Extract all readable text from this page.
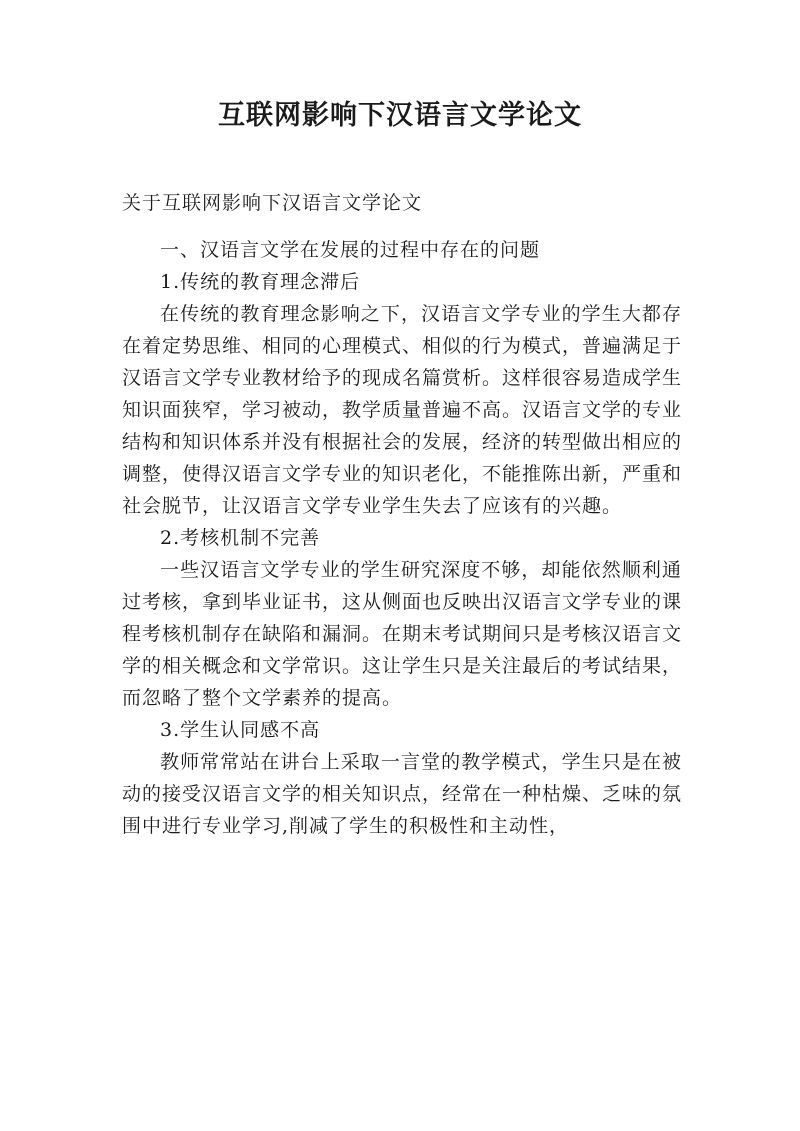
互联网影响下汉语言文学论文

关于互联网影响下汉语言文学论文

一、汉语言文学在发展的过程中存在的问题

1.传统的教育理念滞后

在传统的教育理念影响之下，汉语言文学专业的学生大都存在着定势思维、相同的心理模式、相似的行为模式，普遍满足于汉语言文学专业教材给予的现成名篇赏析。这样很容易造成学生知识面狭窄，学习被动，教学质量普遍不高。汉语言文学的专业结构和知识体系并没有根据社会的发展，经济的转型做出相应的调整，使得汉语言文学专业的知识老化，不能推陈出新，严重和社会脱节，让汉语言文学专业学生失去了应该有的兴趣。

2.考核机制不完善

一些汉语言文学专业的学生研究深度不够，却能依然顺利通过考核，拿到毕业证书，这从侧面也反映出汉语言文学专业的课程考核机制存在缺陷和漏洞。在期末考试期间只是考核汉语言文学的相关概念和文学常识。这让学生只是关注最后的考试结果，而忽略了整个文学素养的提高。

3.学生认同感不高

教师常常站在讲台上采取一言堂的教学模式，学生只是在被动的接受汉语言文学的相关知识点，经常在一种枯燥、乏味的氛围中进行专业学习,削减了学生的积极性和主动性，
